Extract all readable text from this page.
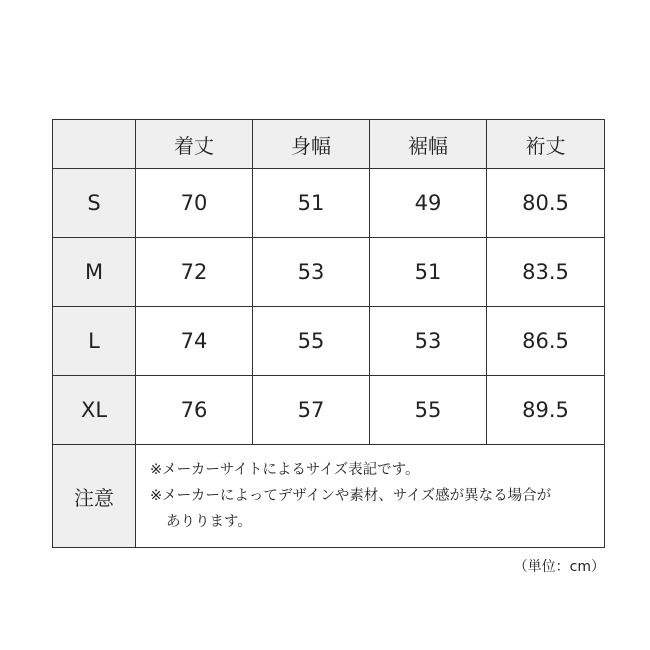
	着丈	身幅	裾幅	裄丈
S	70	51	49	80.5
M	72	53	51	83.5
L	74	55	53	86.5
XL	76	57	55	89.5
注意	※メーカーサイトによるサイズ表記です。
※メーカーによってデザインや素材、サイズ感が異なる場合が
ありります。			
（単位：cm）
